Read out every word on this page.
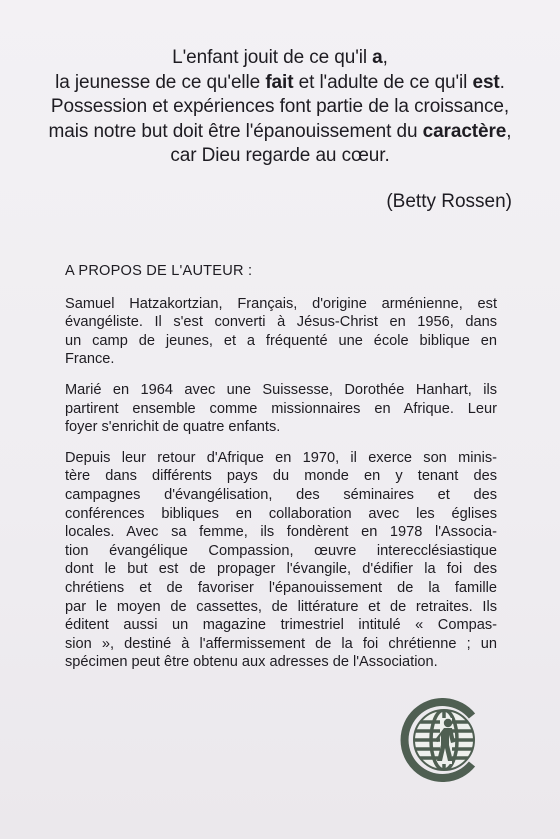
L'enfant jouit de ce qu'il a,
la jeunesse de ce qu'elle fait et l'adulte de ce qu'il est.
Possession et expériences font partie de la croissance,
mais notre but doit être l'épanouissement du caractère,
car Dieu regarde au cœur.
(Betty Rossen)
A PROPOS DE L'AUTEUR :

Samuel Hatzakortzian, Français, d'origine arménienne, est
évangéliste. Il s'est converti à Jésus-Christ en 1956, dans
un camp de jeunes, et a fréquenté une école biblique en
France.

Marié en 1964 avec une Suissesse, Dorothée Hanhart, ils
partirent ensemble comme missionnaires en Afrique. Leur
foyer s'enrichit de quatre enfants.

Depuis leur retour d'Afrique en 1970, il exerce son minis-
tère dans différents pays du monde en y tenant des
campagnes d'évangélisation, des séminaires et des
conférences bibliques en collaboration avec les églises
locales. Avec sa femme, ils fondèrent en 1978 l'Associa-
tion évangélique Compassion, œuvre interecclésiastique
dont le but est de propager l'évangile, d'édifier la foi des
chrétiens et de favoriser l'épanouissement de la famille
par le moyen de cassettes, de littérature et de retraites. Ils
éditent aussi un magazine trimestriel intitulé « Compas-
sion », destiné à l'affermissement de la foi chrétienne ; un
spécimen peut être obtenu aux adresses de l'Association.
